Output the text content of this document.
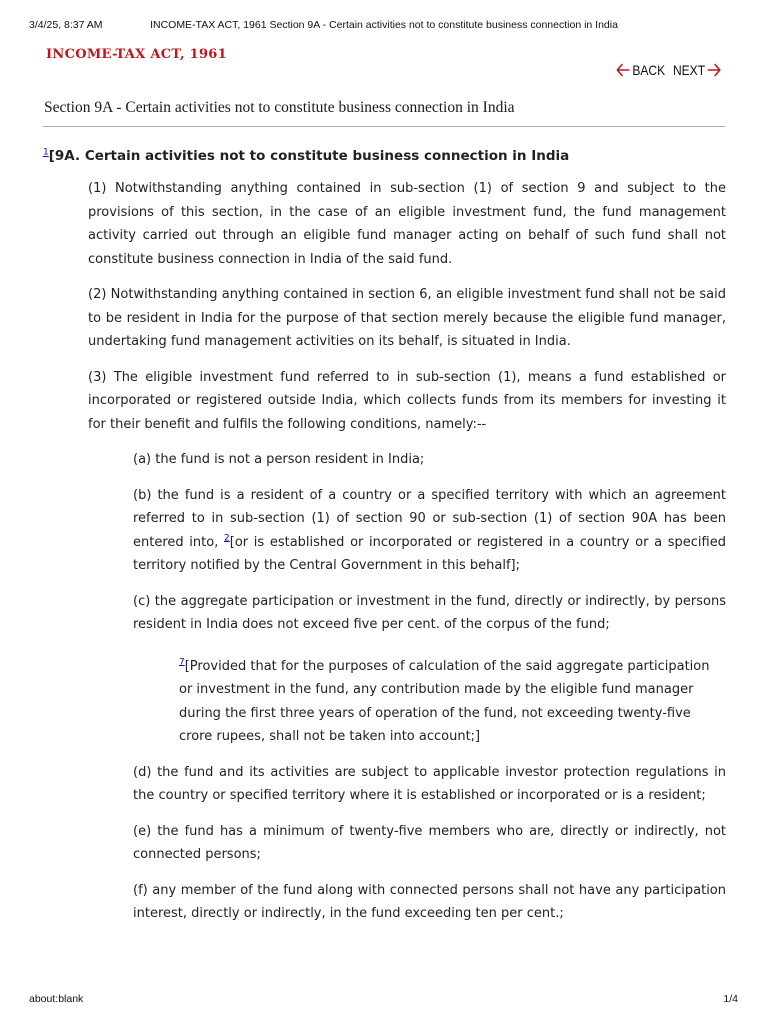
3/4/25, 8:37 AM	INCOME-TAX ACT, 1961 Section 9A - Certain activities not to constitute business connection in India
INCOME-TAX ACT, 1961
BACK NEXT
Section 9A - Certain activities not to constitute business connection in India

$^1$[9A. Certain activities not to constitute business connection in India

(1) Notwithstanding anything contained in sub-section (1) of section 9 and subject to the provisions of this section, in the case of an eligible investment fund, the fund management activity carried out through an eligible fund manager acting on behalf of such fund shall not constitute business connection in India of the said fund.

(2) Notwithstanding anything contained in section 6, an eligible investment fund shall not be said to be resident in India for the purpose of that section merely because the eligible fund manager, undertaking fund management activities on its behalf, is situated in India.

(3) The eligible investment fund referred to in sub-section (1), means a fund established or incorporated or registered outside India, which collects funds from its members for investing it for their benefit and fulfils the following conditions, namely:--

(a) the fund is not a person resident in India;

(b) the fund is a resident of a country or a specified territory with which an agreement referred to in sub-section (1) of section 90 or sub-section (1) of section 90A has been entered into, $^2$[or is established or incorporated or registered in a country or a specified territory notified by the Central Government in this behalf];

(c) the aggregate participation or investment in the fund, directly or indirectly, by persons resident in India does not exceed five per cent. of the corpus of the fund;

$^7$[Provided that for the purposes of calculation of the said aggregate participation or investment in the fund, any contribution made by the eligible fund manager during the first three years of operation of the fund, not exceeding twenty-five crore rupees, shall not be taken into account;]

(d) the fund and its activities are subject to applicable investor protection regulations in the country or specified territory where it is established or incorporated or is a resident;

(e) the fund has a minimum of twenty-five members who are, directly or indirectly, not connected persons;

(f) any member of the fund along with connected persons shall not have any participation interest, directly or indirectly, in the fund exceeding ten per cent.;

about:blank	1/4
